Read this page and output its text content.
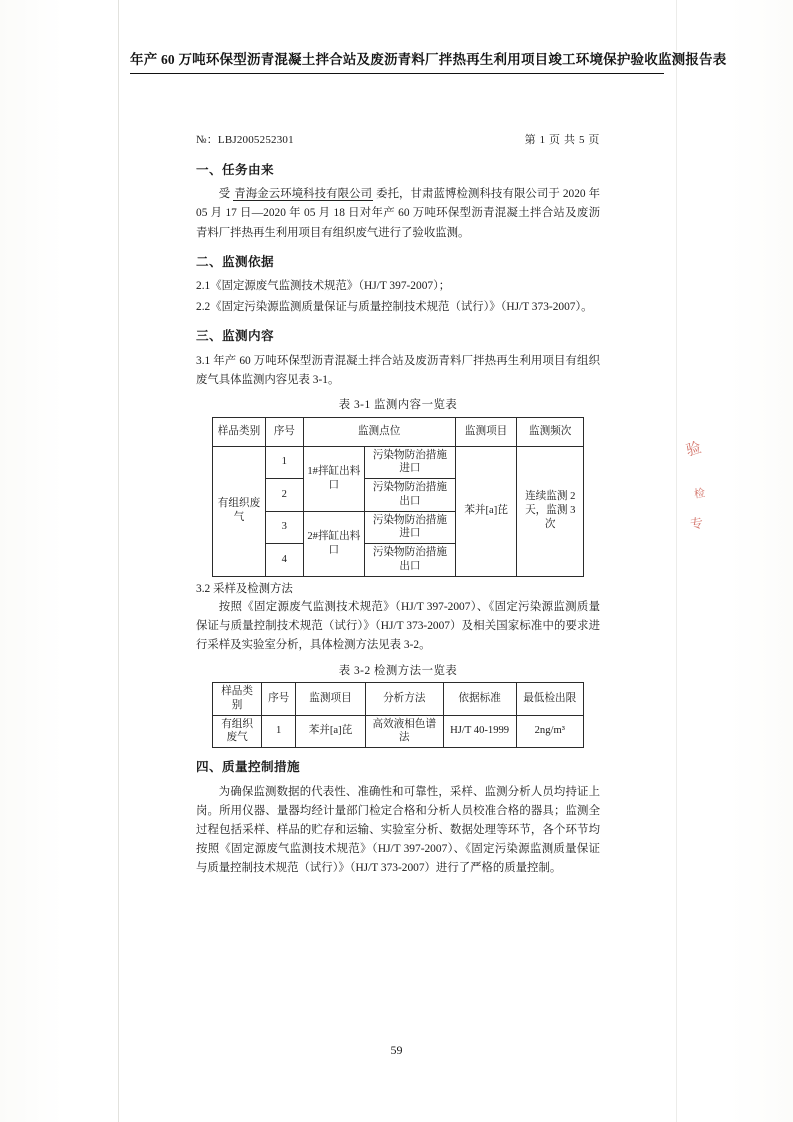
年产 60 万吨环保型沥青混凝土拌合站及废沥青料厂拌热再生利用项目竣工环境保护验收监测报告表
№：LBJ2005252301	第 1 页 共 5 页
一、任务由来

受 青海金云环境科技有限公司 委托，甘肃蓝博检测科技有限公司于 2020 年 05 月 17 日—2020 年 05 月 18 日对年产 60 万吨环保型沥青混凝土拌合站及废沥青料厂拌热再生利用项目有组织废气进行了验收监测。

二、监测依据

2.1《固定源废气监测技术规范》（HJ/T 397-2007）；

2.2《固定污染源监测质量保证与质量控制技术规范（试行）》（HJ/T 373-2007）。

三、监测内容

3.1 年产 60 万吨环保型沥青混凝土拌合站及废沥青料厂拌热再生利用项目有组织废气具体监测内容见表 3-1。

表 3-1 监测内容一览表
样品类别	序号	监测点位		监测项目	监测频次
有组织废气	1	1#拌缸出料口	污染物防治措施进口	苯并[a]芘	连续监测 2 天，监测 3 次
	2		污染物防治措施出口		
	3	2#拌缸出料口	污染物防治措施进口		
	4		污染物防治措施出口		

3.2 采样及检测方法

按照《固定源废气监测技术规范》（HJ/T 397-2007）、《固定污染源监测质量保证与质量控制技术规范（试行）》（HJ/T 373-2007）及相关国家标准中的要求进行采样及实验室分析，具体检测方法见表 3-2。

表 3-2 检测方法一览表
样品类别	序号	监测项目	分析方法	依据标准	最低检出限
有组织废气	1	苯并[a]芘	高效液相色谱法	HJ/T 40-1999	2ng/m³
四、质量控制措施

为确保监测数据的代表性、准确性和可靠性，采样、监测分析人员均持证上岗。所用仪器、量器均经计量部门检定合格和分析人员校准合格的器具；监测全过程包括采样、样品的贮存和运输、实验室分析、数据处理等环节，各个环节均按照《固定源废气监测技术规范》（HJ/T 397-2007）、《固定污染源监测质量保证与质量控制技术规范（试行）》（HJ/T 373-2007）进行了严格的质量控制。

59
验
检
专
